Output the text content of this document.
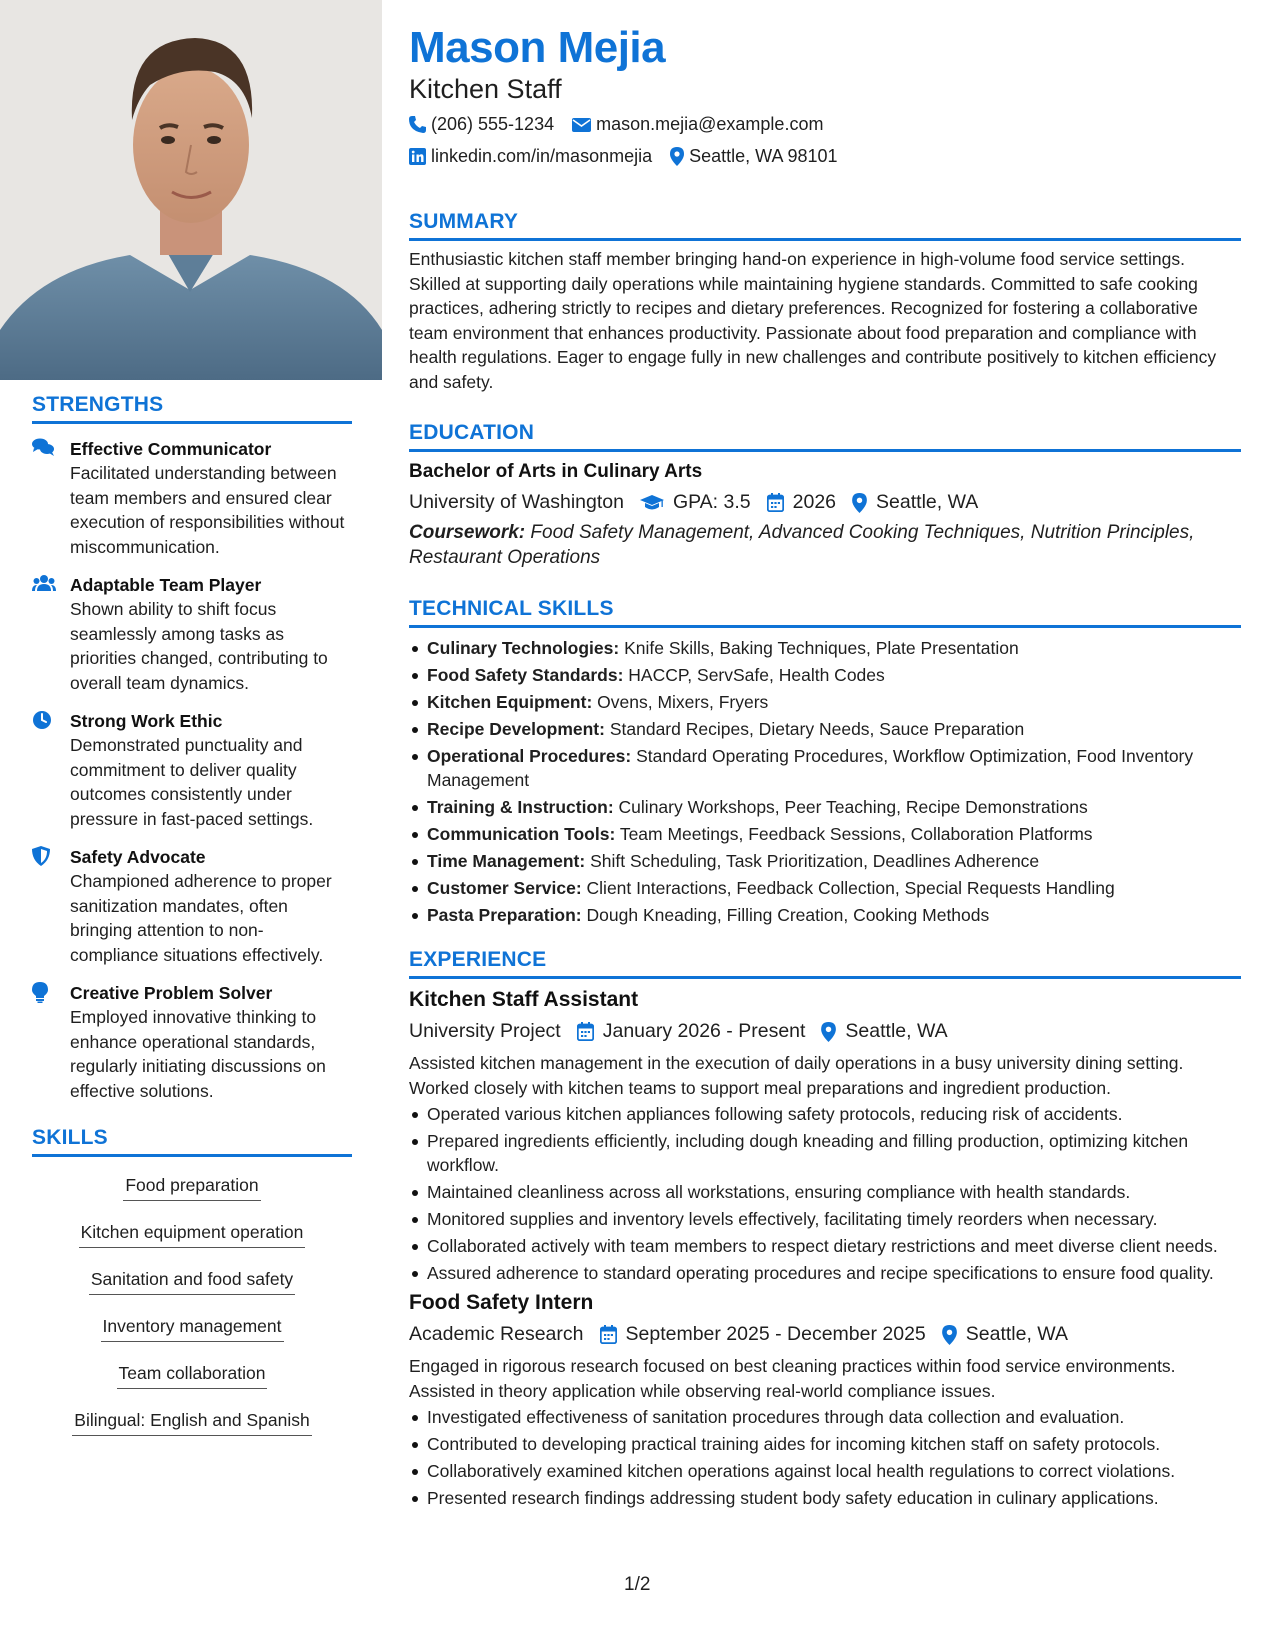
STRENGTHS
Effective Communicator
Facilitated understanding between team members and ensured clear execution of responsibilities without miscommunication.
Adaptable Team Player
Shown ability to shift focus seamlessly among tasks as priorities changed, contributing to overall team dynamics.
Strong Work Ethic
Demonstrated punctuality and commitment to deliver quality outcomes consistently under pressure in fast-paced settings.
Safety Advocate
Championed adherence to proper sanitization mandates, often bringing attention to non-compliance situations effectively.
Creative Problem Solver
Employed innovative thinking to enhance operational standards, regularly initiating discussions on effective solutions.
SKILLS
Food preparation
Kitchen equipment operation
Sanitation and food safety
Inventory management
Team collaboration
Bilingual: English and Spanish
Mason Mejia
Kitchen Staff
(206) 555-1234 mason.mejia@example.com
linkedin.com/in/masonmejia Seattle, WA 98101
SUMMARY
Enthusiastic kitchen staff member bringing hand-on experience in high-volume food service settings. Skilled at supporting daily operations while maintaining hygiene standards. Committed to safe cooking practices, adhering strictly to recipes and dietary preferences. Recognized for fostering a collaborative team environment that enhances productivity. Passionate about food preparation and compliance with health regulations. Eager to engage fully in new challenges and contribute positively to kitchen efficiency and safety.
EDUCATION
Bachelor of Arts in Culinary Arts
University of Washington	GPA: 3.5 2026 Seattle, WA
Coursework: Food Safety Management, Advanced Cooking Techniques, Nutrition Principles, Restaurant Operations
TECHNICAL SKILLS
Culinary Technologies: Knife Skills, Baking Techniques, Plate Presentation
Food Safety Standards: HACCP, ServSafe, Health Codes
Kitchen Equipment: Ovens, Mixers, Fryers
Recipe Development: Standard Recipes, Dietary Needs, Sauce Preparation
Operational Procedures: Standard Operating Procedures, Workflow Optimization, Food Inventory Management
Training & Instruction: Culinary Workshops, Peer Teaching, Recipe Demonstrations
Communication Tools: Team Meetings, Feedback Sessions, Collaboration Platforms
Time Management: Shift Scheduling, Task Prioritization, Deadlines Adherence
Customer Service: Client Interactions, Feedback Collection, Special Requests Handling
Pasta Preparation: Dough Kneading, Filling Creation, Cooking Methods
EXPERIENCE
Kitchen Staff Assistant
University Project January 2026 - Present Seattle, WA
Assisted kitchen management in the execution of daily operations in a busy university dining setting. Worked closely with kitchen teams to support meal preparations and ingredient production.
Operated various kitchen appliances following safety protocols, reducing risk of accidents.
Prepared ingredients efficiently, including dough kneading and filling production, optimizing kitchen workflow.
Maintained cleanliness across all workstations, ensuring compliance with health standards.
Monitored supplies and inventory levels effectively, facilitating timely reorders when necessary.
Collaborated actively with team members to respect dietary restrictions and meet diverse client needs.
Assured adherence to standard operating procedures and recipe specifications to ensure food quality.
Food Safety Intern
Academic Research September 2025 - December 2025 Seattle, WA
Engaged in rigorous research focused on best cleaning practices within food service environments. Assisted in theory application while observing real-world compliance issues.
Investigated effectiveness of sanitation procedures through data collection and evaluation.
Contributed to developing practical training aides for incoming kitchen staff on safety protocols.
Collaboratively examined kitchen operations against local health regulations to correct violations.
Presented research findings addressing student body safety education in culinary applications.
1/2
